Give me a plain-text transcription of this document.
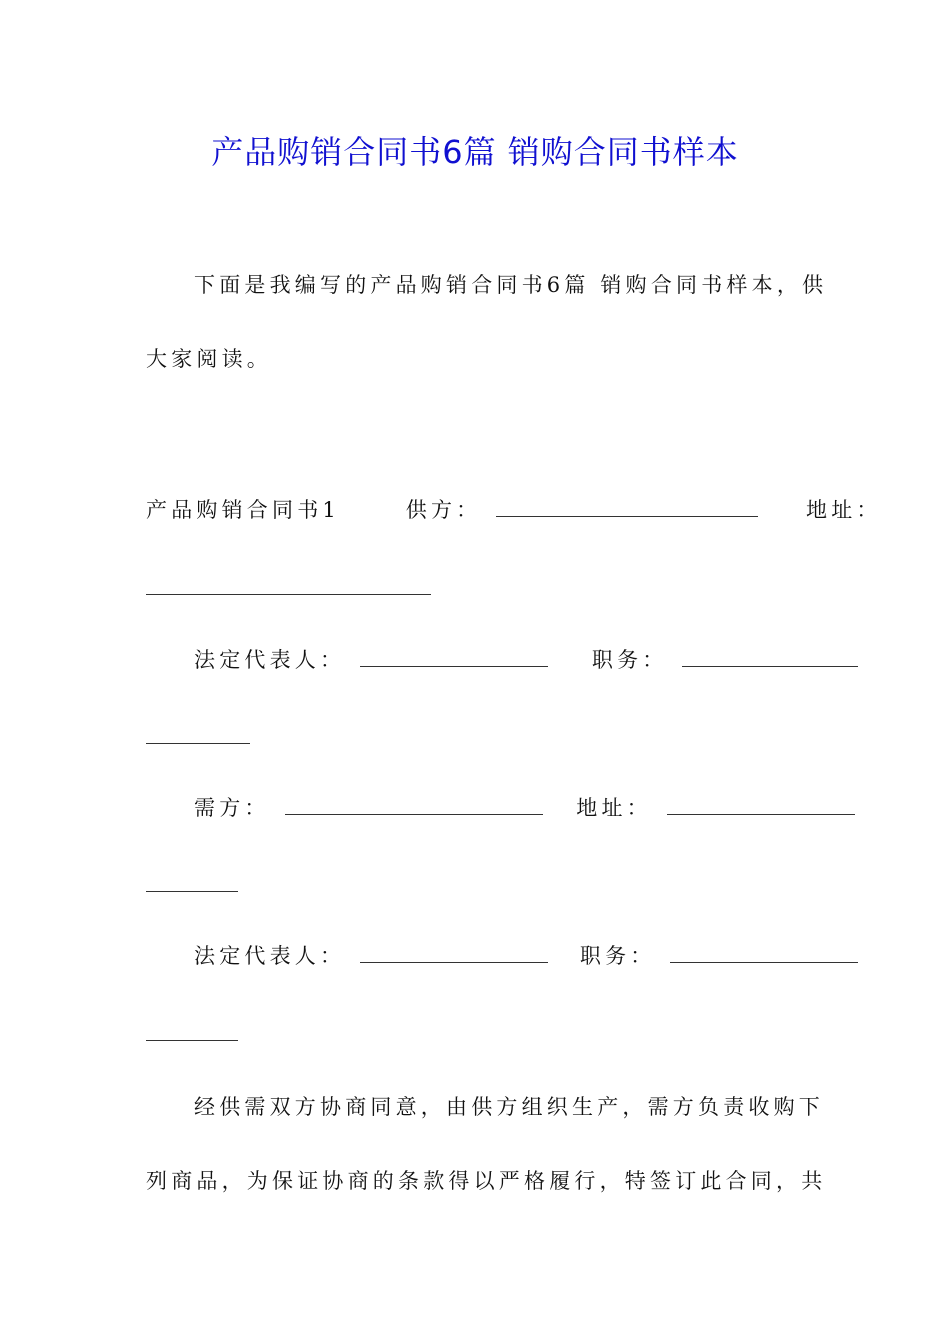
产品购销合同书6篇 销购合同书样本
下面是我编写的产品购销合同书6篇 销购合同书样本，供
大家阅读。
产品购销合同书1	供方：	地址：
法定代表人：	职务：
需方：	地址：
法定代表人：	职务：
经供需双方协商同意，由供方组织生产，需方负责收购下
列商品，为保证协商的条款得以严格履行，特签订此合同，共
